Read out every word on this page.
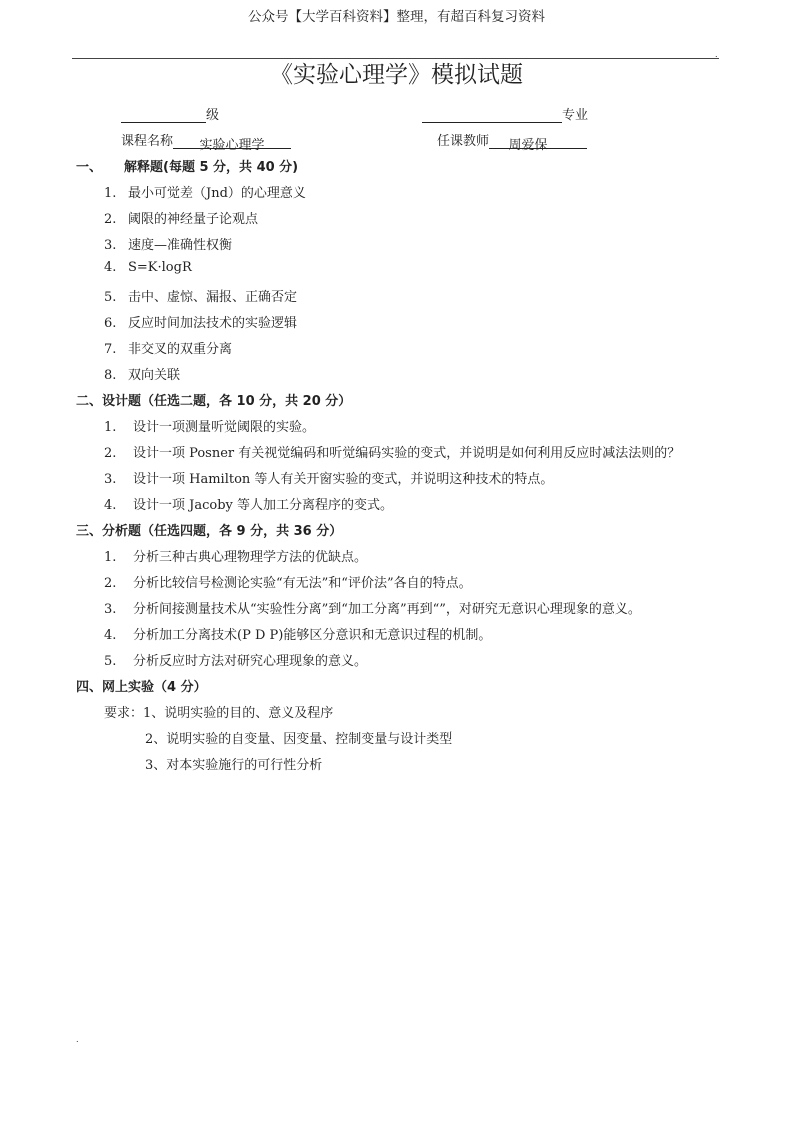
公众号【大学百科资料】整理，有超百科复习资料
.
《实验心理学》模拟试题
级	专业
课程名称 实验心理学	任课教师 周爱保
一、 解释题(每题 5 分，共 40 分)
二、设计题（任选二题，各 10 分，共 20 分）
三、分析题（任选四题，各 9 分，共 36 分）
四、网上实验（4 分）
.
1. 最小可觉差（Jnd）的心理意义
2. 阈限的神经量子论观点
3. 速度—准确性权衡
4. S=K·logR
5. 击中、虚惊、漏报、正确否定
6. 反应时间加法技术的实验逻辑
7. 非交叉的双重分离
8. 双向关联
1. 设计一项测量听觉阈限的实验。
2. 设计一项 Posner 有关视觉编码和听觉编码实验的变式，并说明是如何利用反应时减法法则的？
3. 设计一项 Hamilton 等人有关开窗实验的变式，并说明这种技术的特点。
4. 设计一项 Jacoby 等人加工分离程序的变式。
1. 分析三种古典心理物理学方法的优缺点。
2. 分析比较信号检测论实验“有无法”和“评价法”各自的特点。
3. 分析间接测量技术从“实验性分离”到“加工分离”再到“”，对研究无意识心理现象的意义。
4. 分析加工分离技术(P D P)能够区分意识和无意识过程的机制。
5. 分析反应时方法对研究心理现象的意义。
要求：1、说明实验的目的、意义及程序
2、说明实验的自变量、因变量、控制变量与设计类型
3、对本实验施行的可行性分析
